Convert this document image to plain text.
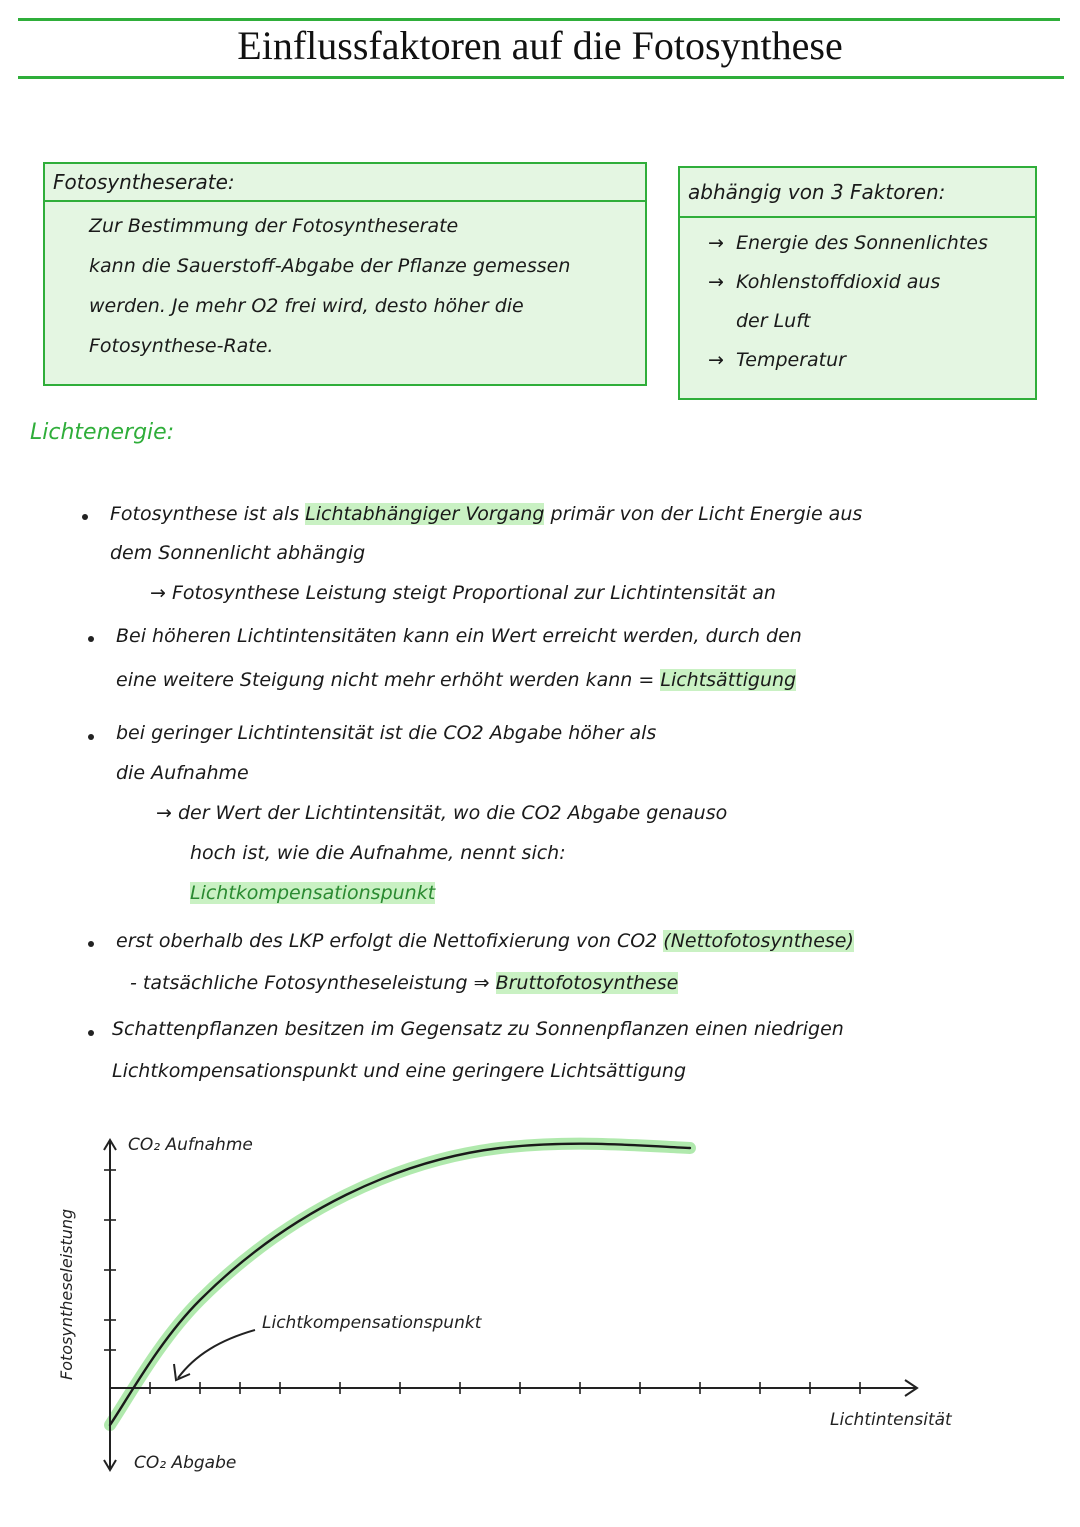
Einflussfaktoren auf die Fotosynthese
Fotosyntheserate:
Zur Bestimmung der Fotosyntheserate
kann die Sauerstoff-Abgabe der Pflanze gemessen
werden. Je mehr O2 frei wird, desto höher die
Fotosynthese-Rate.
abhängig von 3 Faktoren:
→ Energie des Sonnenlichtes
→ Kohlenstoffdioxid aus
der Luft
→ Temperatur
Lichtenergie:
Fotosynthese ist als Lichtabhängiger Vorgang primär von der Licht Energie aus
dem Sonnenlicht abhängig
→ Fotosynthese Leistung steigt Proportional zur Lichtintensität an
Bei höheren Lichtintensitäten kann ein Wert erreicht werden, durch den
eine weitere Steigung nicht mehr erhöht werden kann = Lichtsättigung
bei geringer Lichtintensität ist die CO2 Abgabe höher als
die Aufnahme
→ der Wert der Lichtintensität, wo die CO2 Abgabe genauso
hoch ist, wie die Aufnahme, nennt sich:
Lichtkompensationspunkt
erst oberhalb des LKP erfolgt die Nettofixierung von CO2 (Nettofotosynthese)
- tatsächliche Fotosyntheseleistung ⇒ Bruttofotosynthese
Schattenpflanzen besitzen im Gegensatz zu Sonnenpflanzen einen niedrigen
Lichtkompensationspunkt und eine geringere Lichtsättigung
CO₂ Aufnahme
CO₂ Abgabe
Lichtintensität
Lichtkompensationspunkt
Fotosyntheseleistung
